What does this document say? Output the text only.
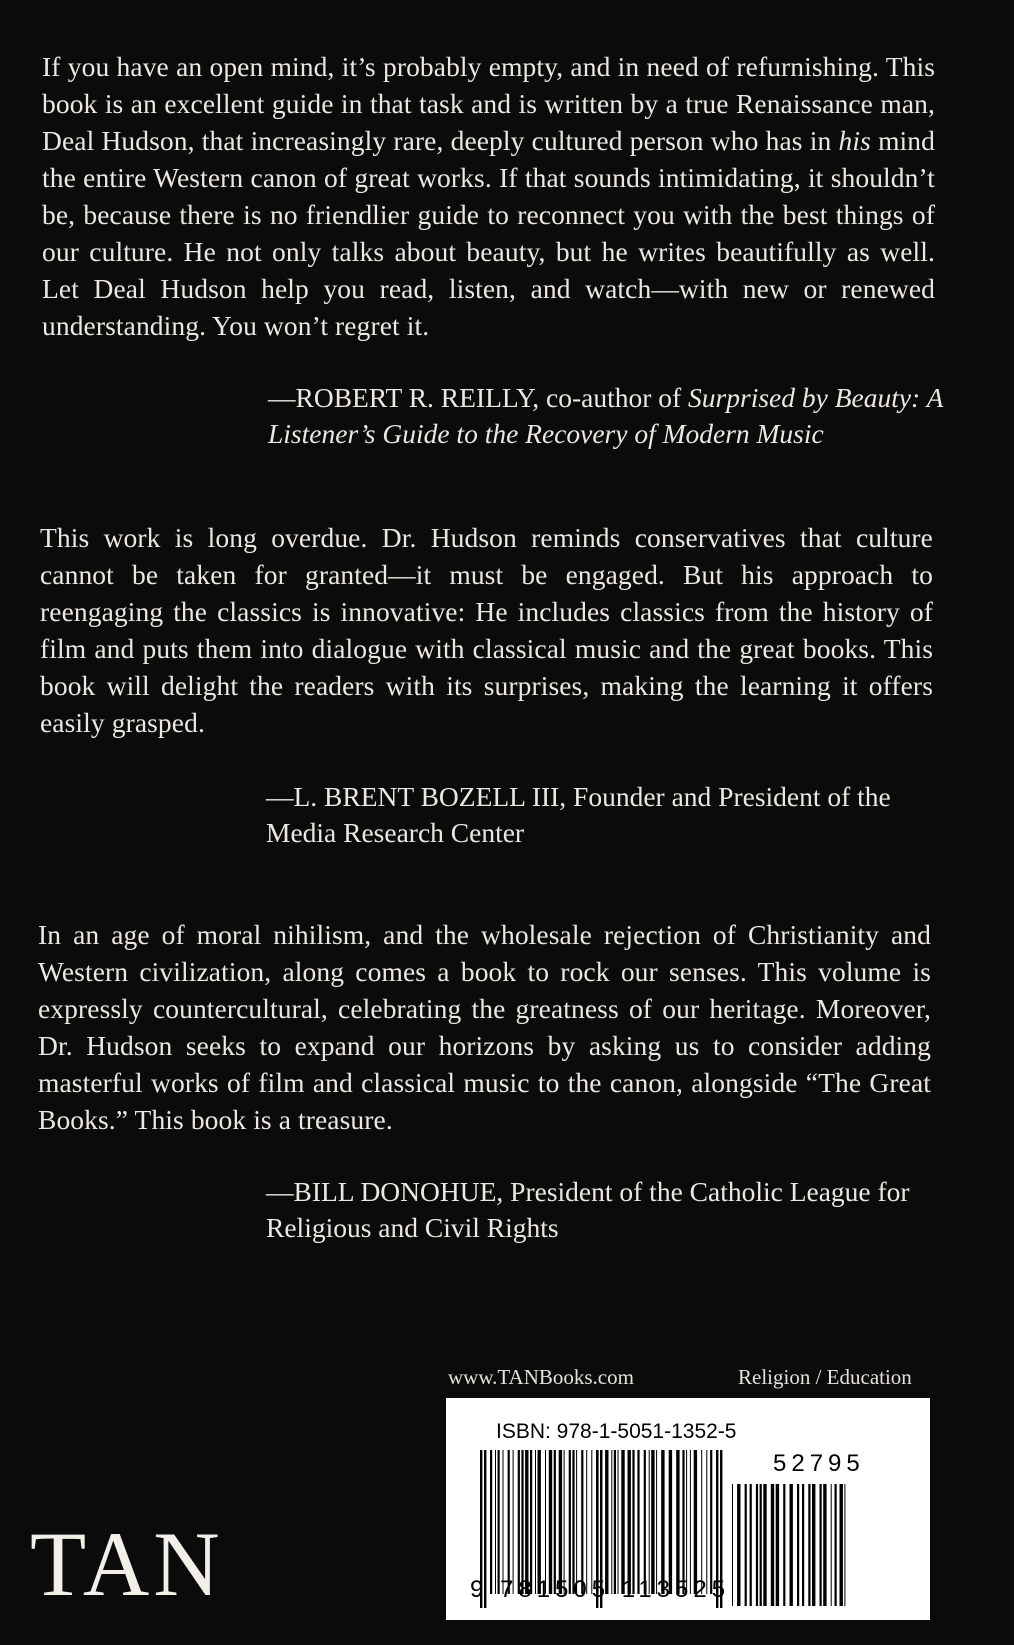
If you have an open mind, it’s probably empty, and in need of refurnishing. This book is an excellent guide in that task and is written by a true Renaissance man, Deal Hudson, that increasingly rare, deeply cultured person who has in his mind the entire Western canon of great works. If that sounds intimidating, it shouldn’t be, because there is no friendlier guide to reconnect you with the best things of our culture. He not only talks about beauty, but he writes beautifully as well. Let Deal Hudson help you read, listen, and watch—with new or renewed understanding. You won’t regret it.

—ROBERT R. REILLY, co-author of Surprised by Beauty: A Listener’s Guide to the Recovery of Modern Music

This work is long overdue. Dr. Hudson reminds conservatives that culture cannot be taken for granted—it must be engaged. But his approach to reengaging the classics is innovative: He includes classics from the history of film and puts them into dialogue with classical music and the great books. This book will delight the readers with its surprises, making the learning it offers easily grasped.

—L. BRENT BOZELL III, Founder and President of the Media Research Center

In an age of moral nihilism, and the wholesale rejection of Christianity and Western civilization, along comes a book to rock our senses. This volume is expressly countercultural, celebrating the greatness of our heritage. Moreover, Dr. Hudson seeks to expand our horizons by asking us to consider adding masterful works of film and classical music to the canon, alongside “The Great Books.” This book is a treasure.

—BILL DONOHUE, President of the Catholic League for Religious and Civil Rights
www.TANBooks.com	Religion / Education
TAN
ISBN: 978-1-5051-1352-5
9 781505 113525
52795
